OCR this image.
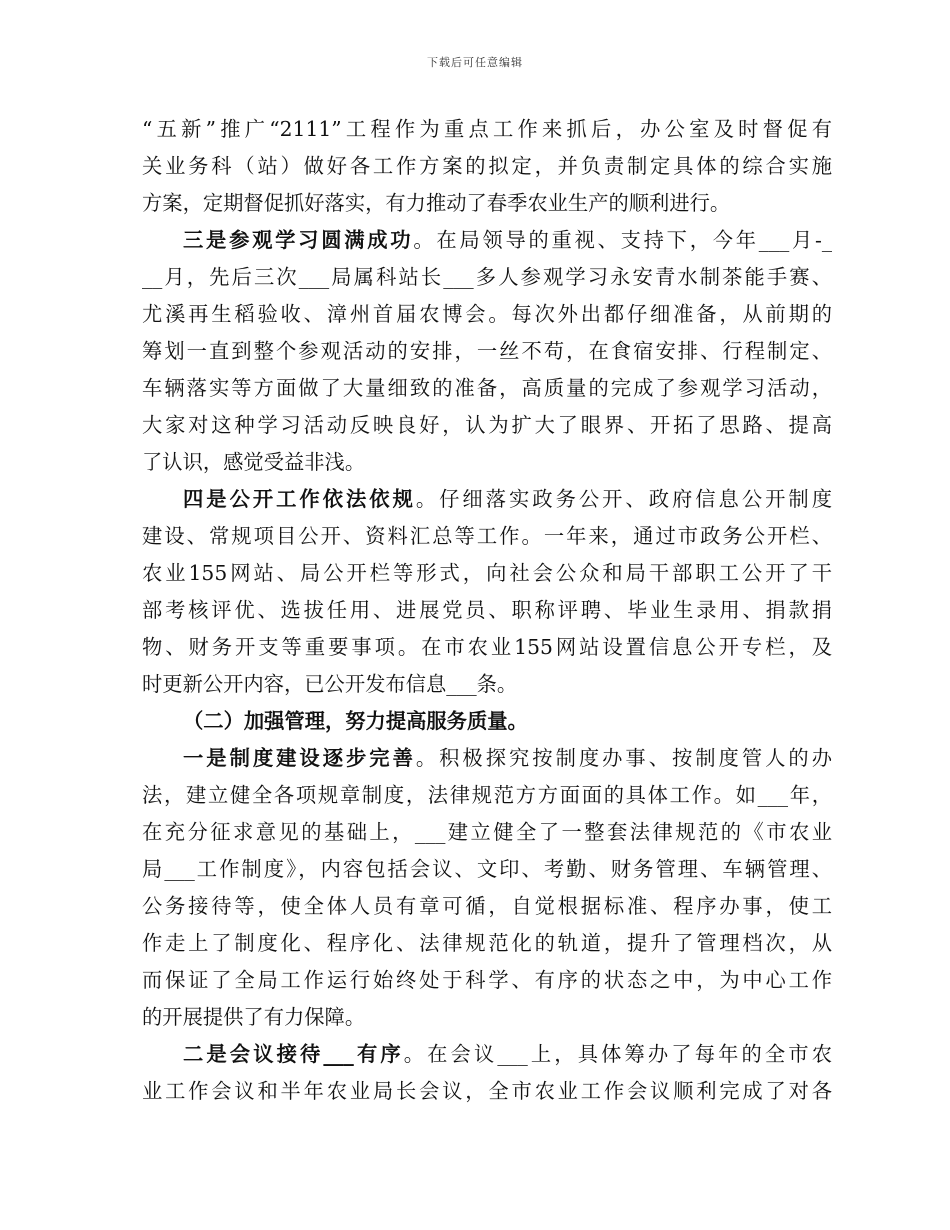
下载后可任意编辑
“五新”推广“2111”工程作为重点工作来抓后，办公室及时督促有
关业务科（站）做好各工作方案的拟定，并负责制定具体的综合实施
方案，定期督促抓好落实，有力推动了春季农业生产的顺利进行。
三是参观学习圆满成功。在局领导的重视、支持下，今年___月-_
__月，先后三次___局属科站长___多人参观学习永安青水制茶能手赛、
尤溪再生稻验收、漳州首届农博会。每次外出都仔细准备，从前期的
筹划一直到整个参观活动的安排，一丝不苟，在食宿安排、行程制定、
车辆落实等方面做了大量细致的准备，高质量的完成了参观学习活动，
大家对这种学习活动反映良好，认为扩大了眼界、开拓了思路、提高
了认识，感觉受益非浅。
四是公开工作依法依规。仔细落实政务公开、政府信息公开制度
建设、常规项目公开、资料汇总等工作。一年来，通过市政务公开栏、
农业155网站、局公开栏等形式，向社会公众和局干部职工公开了干
部考核评优、选拔任用、进展党员、职称评聘、毕业生录用、捐款捐
物、财务开支等重要事项。在市农业155网站设置信息公开专栏，及
时更新公开内容，已公开发布信息___条。
（二）加强管理，努力提高服务质量。
一是制度建设逐步完善。积极探究按制度办事、按制度管人的办
法，建立健全各项规章制度，法律规范方方面面的具体工作。如___年，
在充分征求意见的基础上，___建立健全了一整套法律规范的《市农业
局___工作制度》，内容包括会议、文印、考勤、财务管理、车辆管理、
公务接待等，使全体人员有章可循，自觉根据标准、程序办事，使工
作走上了制度化、程序化、法律规范化的轨道，提升了管理档次，从
而保证了全局工作运行始终处于科学、有序的状态之中，为中心工作
的开展提供了有力保障。
二是会议接待___有序。在会议___上，具体筹办了每年的全市农
业工作会议和半年农业局长会议，全市农业工作会议顺利完成了对各
